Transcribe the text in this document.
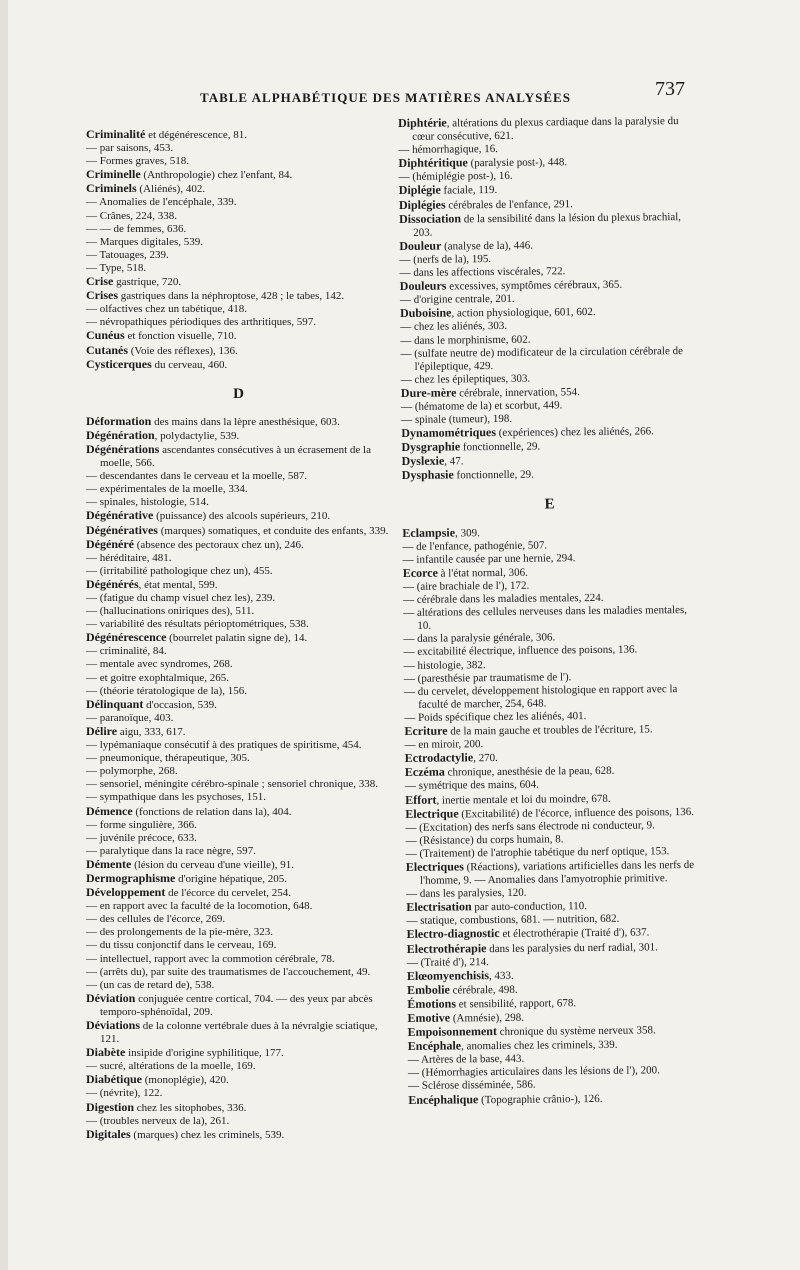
TABLE ALPHABÉTIQUE DES MATIÈRES ANALYSÉES	737

Criminalité et dégénérescence, 81.

— par saisons, 453.

— Formes graves, 518.

Criminelle (Anthropologie) chez l'enfant, 84.

Criminels (Aliénés), 402.

— Anomalies de l'encéphale, 339.

— Crânes, 224, 338.

— — de femmes, 636.

— Marques digitales, 539.

— Tatouages, 239.

— Type, 518.

Crise gastrique, 720.

Crises gastriques dans la néphroptose, 428 ; le tabes, 142.

— olfactives chez un tabétique, 418.

— névropathiques périodiques des arthritiques, 597.

Cunéus et fonction visuelle, 710.

Cutanés (Voie des réflexes), 136.

Cysticerques du cerveau, 460.

D

Déformation des mains dans la lèpre anesthésique, 603.

Dégénération, polydactylie, 539.

Dégénérations ascendantes consécutives à un écrasement de la moelle, 566.

— descendantes dans le cerveau et la moelle, 587.

— expérimentales de la moelle, 334.

— spinales, histologie, 514.

Dégénérative (puissance) des alcools supérieurs, 210.

Dégénératives (marques) somatiques, et conduite des enfants, 339.

Dégénéré (absence des pectoraux chez un), 246.

— héréditaire, 481.

— (irritabilité pathologique chez un), 455.

Dégénérés, état mental, 599.

— (fatigue du champ visuel chez les), 239.

— (hallucinations oniriques des), 511.

— variabilité des résultats périoptométriques, 538.

Dégénérescence (bourrelet palatin signe de), 14.

— criminalité, 84.

— mentale avec syndromes, 268.

— et goitre exophtalmique, 265.

— (théorie tératologique de la), 156.

Délinquant d'occasion, 539.

— paranoïque, 403.

Délire aigu, 333, 617.

— lypémaniaque consécutif à des pratiques de spiritisme, 454.

— pneumonique, thérapeutique, 305.

— polymorphe, 268.

— sensoriel, méningite cérébro-spinale ; sensoriel chronique, 338.

— sympathique dans les psychoses, 151.

Démence (fonctions de relation dans la), 404.

— forme singulière, 366.

— juvénile précoce, 633.

— paralytique dans la race nègre, 597.

Démente (lésion du cerveau d'une vieille), 91.

Dermographisme d'origine hépatique, 205.

Développement de l'écorce du cervelet, 254.

— en rapport avec la faculté de la locomotion, 648.

— des cellules de l'écorce, 269.

— des prolongements de la pie-mère, 323.

— du tissu conjonctif dans le cerveau, 169.

— intellectuel, rapport avec la commotion cérébrale, 78.

— (arrêts du), par suite des traumatismes de l'accouchement, 49.

— (un cas de retard de), 538.

Déviation conjuguée centre cortical, 704. — des yeux par abcès temporo-sphénoïdal, 209.

Déviations de la colonne vertébrale dues à la névralgie sciatique, 121.

Diabète insipide d'origine syphilitique, 177.

— sucré, altérations de la moelle, 169.

Diabétique (monoplégie), 420.

— (névrite), 122.

Digestion chez les sitophobes, 336.

— (troubles nerveux de la), 261.

Digitales (marques) chez les criminels, 539.

Diphtérie, altérations du plexus cardiaque dans la paralysie du cœur consécutive, 621.

— hémorrhagique, 16.

Diphtéritique (paralysie post-), 448.

— (hémiplégie post-), 16.

Diplégie faciale, 119.

Diplégies cérébrales de l'enfance, 291.

Dissociation de la sensibilité dans la lésion du plexus brachial, 203.

Douleur (analyse de la), 446.

— (nerfs de la), 195.

— dans les affections viscérales, 722.

Douleurs excessives, symptômes cérébraux, 365.

— d'origine centrale, 201.

Duboisine, action physiologique, 601, 602.

— chez les aliénés, 303.

— dans le morphinisme, 602.

— (sulfate neutre de) modificateur de la circulation cérébrale de l'épileptique, 429.

— chez les épileptiques, 303.

Dure-mère cérébrale, innervation, 554.

— (hématome de la) et scorbut, 449.

— spinale (tumeur), 198.

Dynamométriques (expériences) chez les aliénés, 266.

Dysgraphie fonctionnelle, 29.

Dyslexie, 47.

Dysphasie fonctionnelle, 29.

E

Eclampsie, 309.

— de l'enfance, pathogénie, 507.

— infantile causée par une hernie, 294.

Ecorce à l'état normal, 306.

— (aire brachiale de l'), 172.

— cérébrale dans les maladies mentales, 224.

— altérations des cellules nerveuses dans les maladies mentales, 10.

— dans la paralysie générale, 306.

— excitabilité électrique, influence des poisons, 136.

— histologie, 382.

— (paresthésie par traumatisme de l').

— du cervelet, développement histologique en rapport avec la faculté de marcher, 254, 648.

— Poids spécifique chez les aliénés, 401.

Ecriture de la main gauche et troubles de l'écriture, 15.

— en miroir, 200.

Ectrodactylie, 270.

Eczéma chronique, anesthésie de la peau, 628.

— symétrique des mains, 604.

Effort, inertie mentale et loi du moindre, 678.

Electrique (Excitabilité) de l'écorce, influence des poisons, 136.

— (Excitation) des nerfs sans électrode ni conducteur, 9.

— (Résistance) du corps humain, 8.

— (Traitement) de l'atrophie tabétique du nerf optique, 153.

Electriques (Réactions), variations artificielles dans les nerfs de l'homme, 9. — Anomalies dans l'amyotrophie primitive.

— dans les paralysies, 120.

Electrisation par auto-conduction, 110.

— statique, combustions, 681. — nutrition, 682.

Electro-diagnostic et électrothérapie (Traité d'), 637.

Electrothérapie dans les paralysies du nerf radial, 301.

— (Traité d'), 214.

Elœomyenchisis, 433.

Embolie cérébrale, 498.

Émotions et sensibilité, rapport, 678.

Emotive (Amnésie), 298.

Empoisonnement chronique du système nerveux 358.

Encéphale, anomalies chez les criminels, 339.

— Artères de la base, 443.

— (Hémorrhagies articulaires dans les lésions de l'), 200.

— Sclérose disséminée, 586.

Encéphalique (Topographie crânio-), 126.
